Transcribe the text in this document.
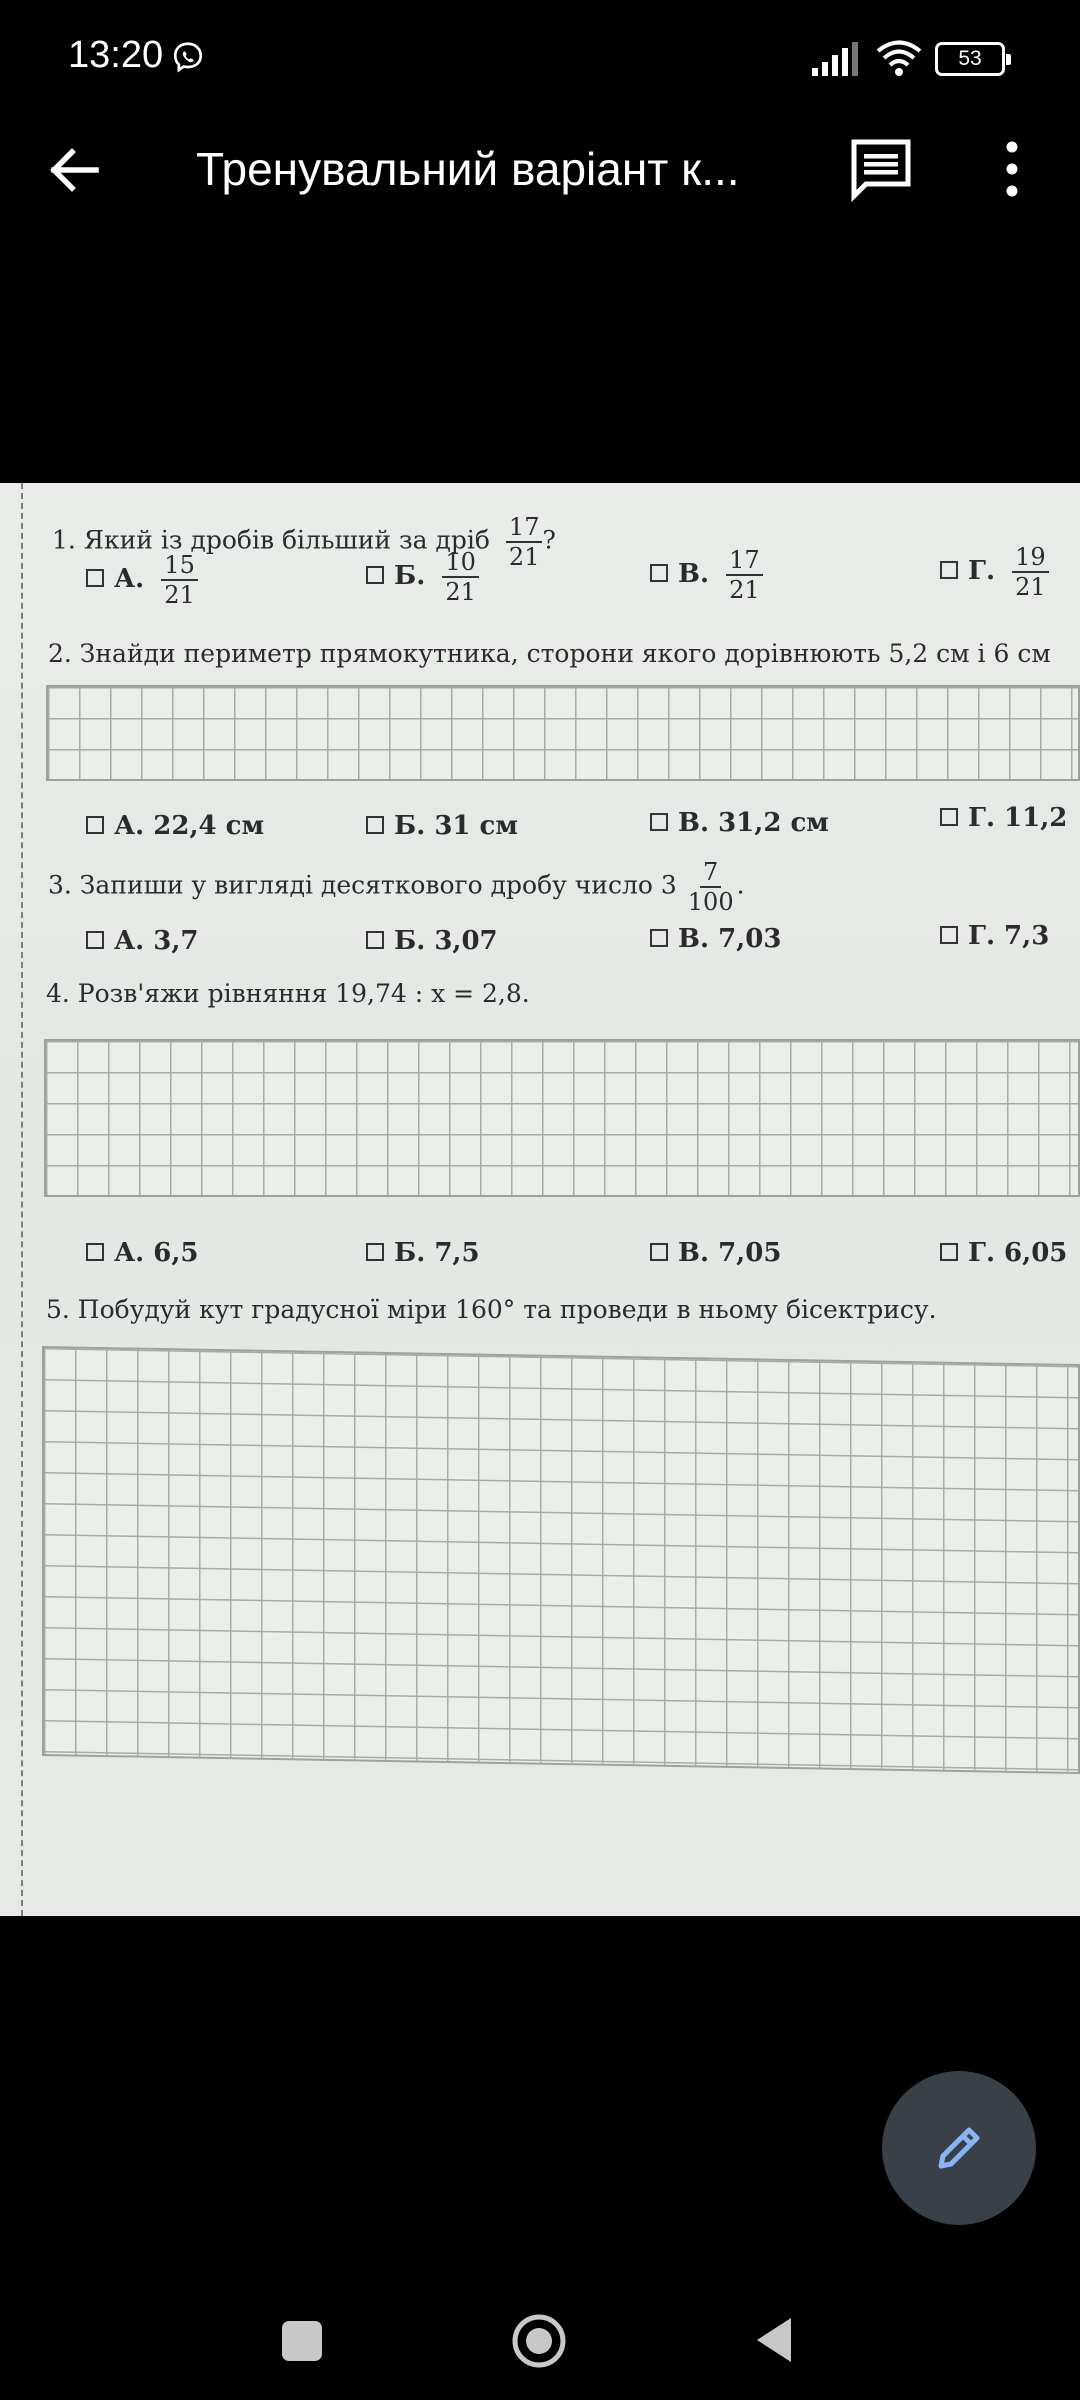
13:20	53
Тренувальний варіант к...
1. Який із дробів більший за дріб $\frac{17}{21}$ ?
А. $\frac{15}{21}$	Б. $\frac{10}{21}$	В. $\frac{17}{21}$	Г. $\frac{19}{21}$
2. Знайди периметр прямокутника, сторони якого дорівнюють 5,2 см і 6 см
А. 22,4 см	Б. 31 см	В. 31,2 см	Г. 11,2
3. Запиши у вигляді десяткового дробу число $3 \frac{7}{100}$ .
А. 3,7	Б. 3,07	В. 7,03	Г. 7,3
4. Розв'яжи рівняння 19,74 : x = 2,8.
А. 6,5	Б. 7,5	В. 7,05	Г. 6,05
5. Побудуй кут градусної міри 160° та проведи в ньому бісектрису.
